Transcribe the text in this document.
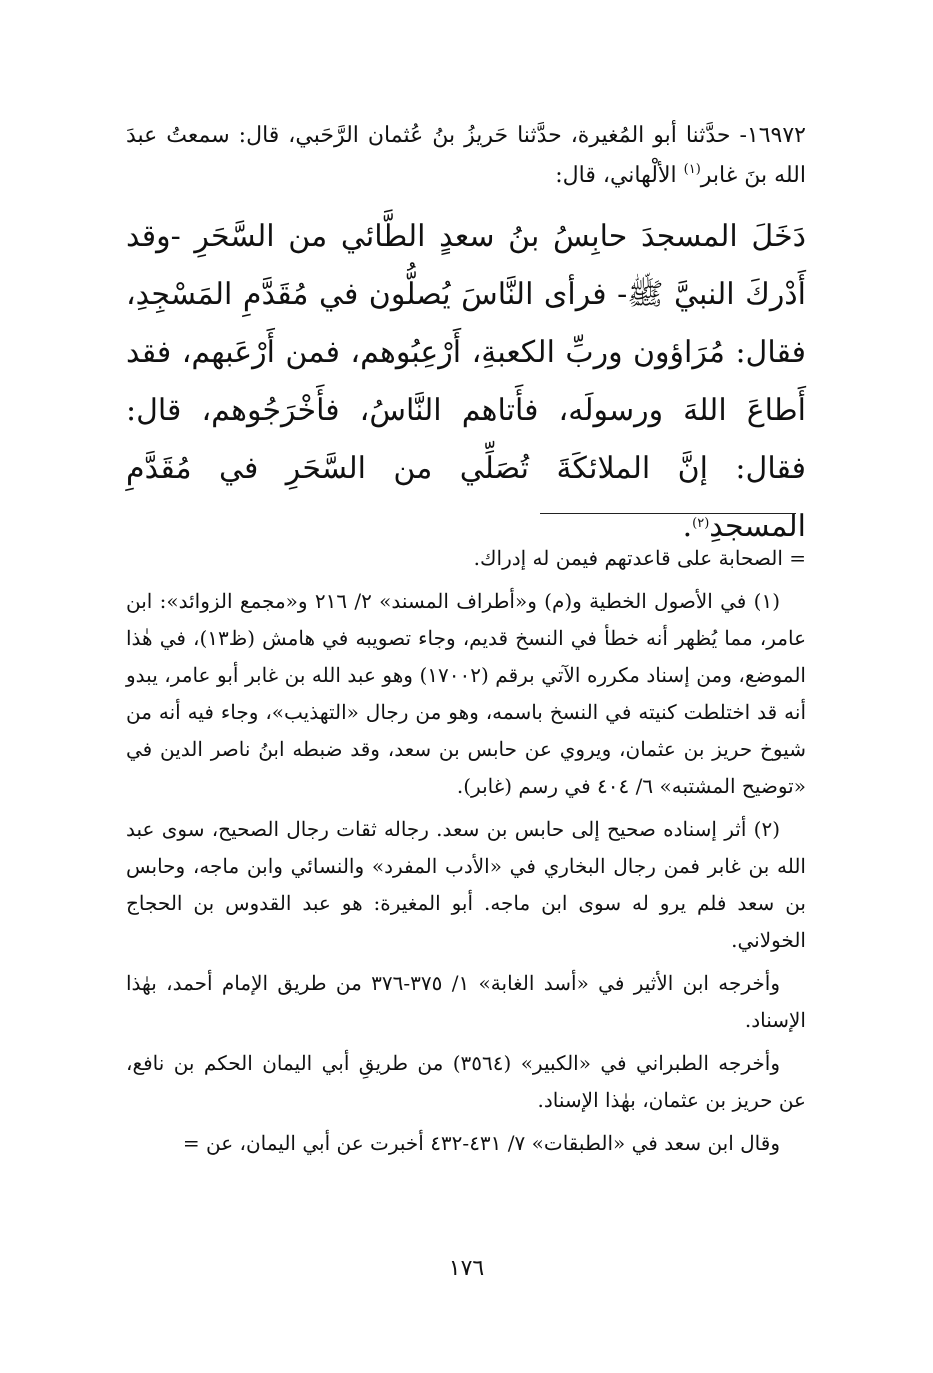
١٦٩٧٢- حدَّثنا أبو المُغيرة، حدَّثنا حَريزُ بنُ عُثمان الرَّحَبي، قال: سمعتُ عبدَ الله بنَ غابر$^{(١)}$ الألْهاني، قال:
دَخَلَ المسجدَ حابِسُ بنُ سعدٍ الطَّائي من السَّحَرِ -وقد أَدْركَ النبيَّ ﷺ- فرأى النَّاسَ يُصلُّون في مُقَدَّمِ المَسْجِدِ، فقال: مُرَاؤون وربِّ الكعبةِ، أَرْعِبُوهم، فمن أَرْعَبهم، فقد أَطاعَ اللهَ ورسولَه، فأَتاهم النَّاسُ، فأَخْرَجُوهم، قال: فقال: إنَّ الملائكَةَ تُصَلِّي من السَّحَرِ في مُقَدَّمِ المسجدِ$^{(٢)}$.

= الصحابة على قاعدتهم فيمن له إدراك.

(١) في الأصول الخطية و(م) و«أطراف المسند» ٢/ ٢١٦ و«مجمع الزوائد»: ابن عامر، مما يُظهر أنه خطأ في النسخ قديم، وجاء تصويبه في هامش (ظ١٣)، في هٰذا الموضع، ومن إسناد مكرره الآتي برقم (١٧٠٠٢) وهو عبد الله بن غابر أبو عامر، يبدو أنه قد اختلطت كنيته في النسخ باسمه، وهو من رجال «التهذيب»، وجاء فيه أنه من شيوخ حريز بن عثمان، ويروي عن حابس بن سعد، وقد ضبطه ابنُ ناصر الدين في «توضيح المشتبه» ٦/ ٤٠٤ في رسم (غابر).

(٢) أثر إسناده صحيح إلى حابس بن سعد. رجاله ثقات رجال الصحيح، سوى عبد الله بن غابر فمن رجال البخاري في «الأدب المفرد» والنسائي وابن ماجه، وحابس بن سعد فلم يرو له سوى ابن ماجه. أبو المغيرة: هو عبد القدوس بن الحجاج الخولاني.

وأخرجه ابن الأثير في «أسد الغابة» ١/ ٣٧٥-٣٧٦ من طريق الإمام أحمد، بهٰذا الإسناد.

وأخرجه الطبراني في «الكبير» (٣٥٦٤) من طريقِ أبي اليمان الحكم بن نافع، عن حريز بن عثمان، بهٰذا الإسناد.

وقال ابن سعد في «الطبقات» ٧/ ٤٣١-٤٣٢ أخبرت عن أبي اليمان، عن =

١٧٦
